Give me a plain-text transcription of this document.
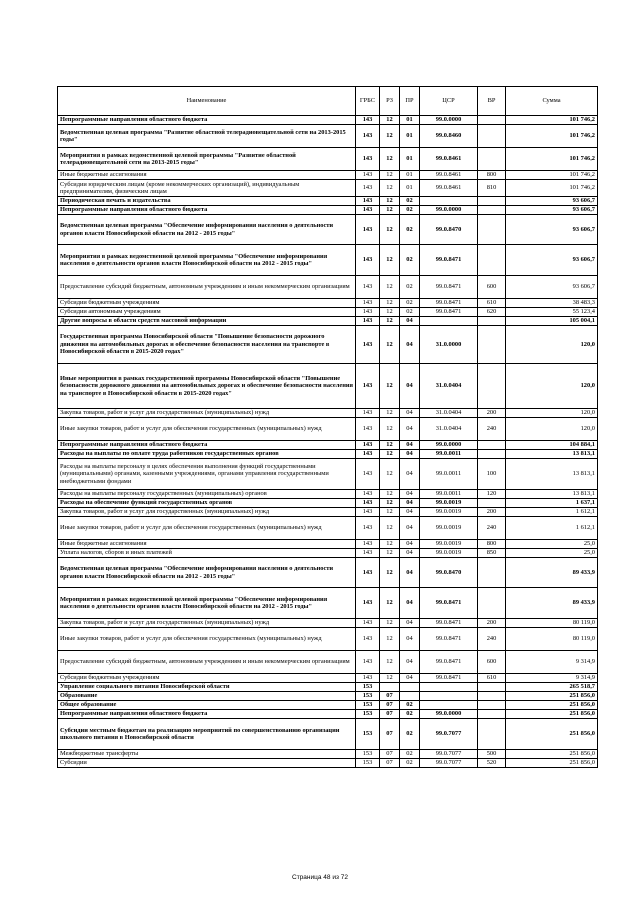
Наименование	ГРБС	РЗ	ПР	ЦСР	ВР	Сумма
Непрограммные направления областного бюджета	143	12	01	99.0.0000		101 746,2
Ведомственная целевая программа "Развитие областной телерадиовещательной сети на 2013-2015 годы"	143	12	01	99.0.8460		101 746,2
Мероприятия в рамках ведомственной целевой программы "Развитие областной телерадиовещательной сети на 2013-2015 годы"	143	12	01	99.0.8461		101 746,2
Иные бюджетные ассигнования	143	12	01	99.0.8461	800	101 746,2
Субсидии юридическим лицам (кроме некоммерческих организаций), индивидуальным предпринимателям, физическим лицам	143	12	01	99.0.8461	810	101 746,2
Периодическая печать и издательства	143	12	02			93 606,7
Непрограммные направления областного бюджета	143	12	02	99.0.0000		93 606,7
Ведомственная целевая программа "Обеспечение информирования населения о деятельности органов власти Новосибирской области на 2012 - 2015 годы"	143	12	02	99.0.8470		93 606,7
Мероприятия в рамках ведомственной целевой программы "Обеспечение информирования населения о деятельности органов власти Новосибирской области на 2012 - 2015 годы"	143	12	02	99.0.8471		93 606,7
Предоставление субсидий бюджетным, автономным учреждениям и иным некоммерческим организациям	143	12	02	99.0.8471	600	93 606,7
Субсидии бюджетным учреждениям	143	12	02	99.0.8471	610	38 483,3
Субсидии автономным учреждениям	143	12	02	99.0.8471	620	55 123,4
Другие вопросы в области средств массовой информации	143	12	04			105 004,1
Государственная программа Новосибирской области "Повышение безопасности дорожного движения на автомобильных дорогах и обеспечение безопасности населения на транспорте в Новосибирской области в 2015-2020 годах"	143	12	04	31.0.0000		120,0
Иные мероприятия в рамках государственной программы Новосибирской области "Повышение безопасности дорожного движения на автомобильных дорогах и обеспечение безопасности населения на транспорте в Новосибирской области в 2015-2020 годах"	143	12	04	31.0.0404		120,0
Закупка товаров, работ и услуг для государственных (муниципальных) нужд	143	12	04	31.0.0404	200	120,0
Иные закупки товаров, работ и услуг для обеспечения государственных (муниципальных) нужд	143	12	04	31.0.0404	240	120,0
Непрограммные направления областного бюджета	143	12	04	99.0.0000		104 884,1
Расходы на выплаты по оплате труда работников государственных органов	143	12	04	99.0.0011		13 813,1
Расходы на выплаты персоналу в целях обеспечения выполнения функций государственными (муниципальными) органами, казенными учреждениями, органами управления государственными внебюджетными фондами	143	12	04	99.0.0011	100	13 813,1
Расходы на выплаты персоналу государственных (муниципальных) органов	143	12	04	99.0.0011	120	13 813,1
Расходы на обеспечение функций государственных органов	143	12	04	99.0.0019		1 637,1
Закупка товаров, работ и услуг для государственных (муниципальных) нужд	143	12	04	99.0.0019	200	1 612,1
Иные закупки товаров, работ и услуг для обеспечения государственных (муниципальных) нужд	143	12	04	99.0.0019	240	1 612,1
Иные бюджетные ассигнования	143	12	04	99.0.0019	800	25,0
Уплата налогов, сборов и иных платежей	143	12	04	99.0.0019	850	25,0
Ведомственная целевая программа "Обеспечение информирования населения о деятельности органов власти Новосибирской области на 2012 - 2015 годы"	143	12	04	99.0.8470		89 433,9
Мероприятия в рамках ведомственной целевой программы "Обеспечение информирования населения о деятельности органов власти Новосибирской области на 2012 - 2015 годы"	143	12	04	99.0.8471		89 433,9
Закупка товаров, работ и услуг для государственных (муниципальных) нужд	143	12	04	99.0.8471	200	80 119,0
Иные закупки товаров, работ и услуг для обеспечения государственных (муниципальных) нужд	143	12	04	99.0.8471	240	80 119,0
Предоставление субсидий бюджетным, автономным учреждениям и иным некоммерческим организациям	143	12	04	99.0.8471	600	9 314,9
Субсидии бюджетным учреждениям	143	12	04	99.0.8471	610	9 314,9
Управление социального питания Новосибирской области	153					265 518,7
Образование	153	07				251 856,0
Общее образование	153	07	02			251 856,0
Непрограммные направления областного бюджета	153	07	02	99.0.0000		251 856,0
Субсидии местным бюджетам на реализацию мероприятий по совершенствованию организации школьного питания в Новосибирской области	153	07	02	99.0.7077		251 856,0
Межбюджетные трансферты	153	07	02	99.0.7077	500	251 856,0
Субсидии	153	07	02	99.0.7077	520	251 856,0
Страница 48 из 72
